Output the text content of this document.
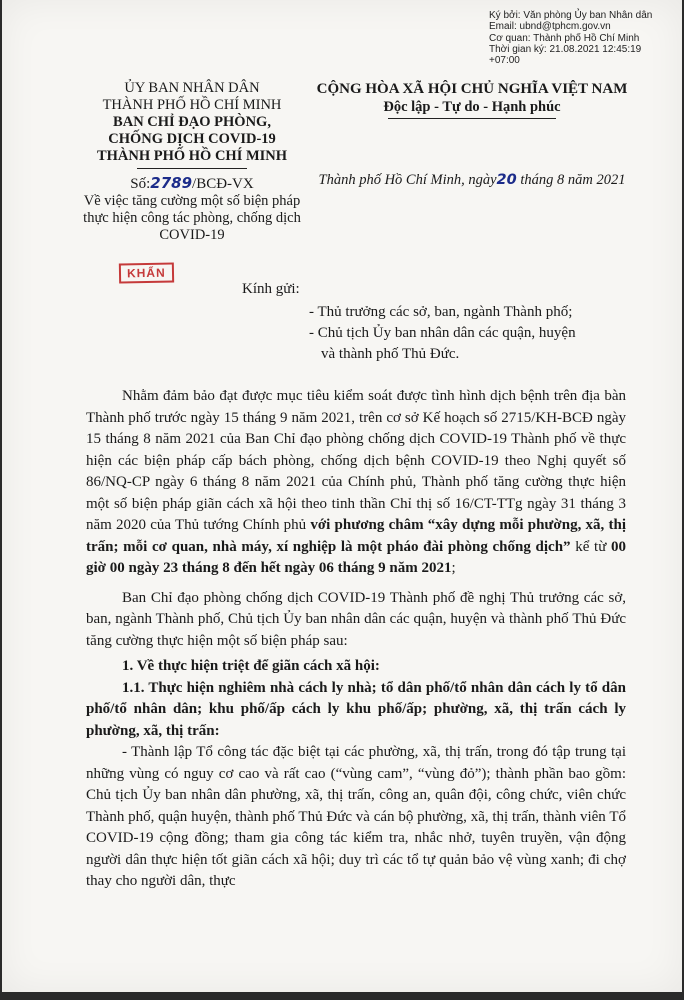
Ký bởi: Văn phòng Ủy ban Nhân dân
Email: ubnd@tphcm.gov.vn
Cơ quan: Thành phố Hồ Chí Minh
Thời gian ký: 21.08.2021 12:45:19
+07:00
ỦY BAN NHÂN DÂN
THÀNH PHỐ HỒ CHÍ MINH
BAN CHỈ ĐẠO PHÒNG,
CHỐNG DỊCH COVID-19
THÀNH PHỐ HỒ CHÍ MINH
Số:2789/BCĐ-VX
Về việc tăng cường một số biện pháp
thực hiện công tác phòng, chống dịch
COVID-19
CỘNG HÒA XÃ HỘI CHỦ NGHĨA VIỆT NAM
Độc lập - Tự do - Hạnh phúc
Thành phố Hồ Chí Minh, ngày20 tháng 8 năm 2021
KHẨN
Kính gửi:
- Thủ trưởng các sở, ban, ngành Thành phố;
- Chủ tịch Ủy ban nhân dân các quận, huyện
và thành phố Thủ Đức.

Nhằm đảm bảo đạt được mục tiêu kiểm soát được tình hình dịch bệnh trên địa bàn Thành phố trước ngày 15 tháng 9 năm 2021, trên cơ sở Kế hoạch số 2715/KH-BCĐ ngày 15 tháng 8 năm 2021 của Ban Chỉ đạo phòng chống dịch COVID-19 Thành phố về thực hiện các biện pháp cấp bách phòng, chống dịch bệnh COVID-19 theo Nghị quyết số 86/NQ-CP ngày 6 tháng 8 năm 2021 của Chính phủ, Thành phố tăng cường thực hiện một số biện pháp giãn cách xã hội theo tinh thần Chỉ thị số 16/CT-TTg ngày 31 tháng 3 năm 2020 của Thủ tướng Chính phủ với phương châm “xây dựng mỗi phường, xã, thị trấn; mỗi cơ quan, nhà máy, xí nghiệp là một pháo đài phòng chống dịch” kể từ 00 giờ 00 ngày 23 tháng 8 đến hết ngày 06 tháng 9 năm 2021;

Ban Chỉ đạo phòng chống dịch COVID-19 Thành phố đề nghị Thủ trưởng các sở, ban, ngành Thành phố, Chủ tịch Ủy ban nhân dân các quận, huyện và thành phố Thủ Đức tăng cường thực hiện một số biện pháp sau:

1. Về thực hiện triệt để giãn cách xã hội:

1.1. Thực hiện nghiêm nhà cách ly nhà; tổ dân phố/tổ nhân dân cách ly tổ dân phố/tổ nhân dân; khu phố/ấp cách ly khu phố/ấp; phường, xã, thị trấn cách ly phường, xã, thị trấn:

- Thành lập Tổ công tác đặc biệt tại các phường, xã, thị trấn, trong đó tập trung tại những vùng có nguy cơ cao và rất cao (“vùng cam”, “vùng đỏ”); thành phần bao gồm: Chủ tịch Ủy ban nhân dân phường, xã, thị trấn, công an, quân đội, công chức, viên chức Thành phố, quận huyện, thành phố Thủ Đức và cán bộ phường, xã, thị trấn, thành viên Tổ COVID-19 cộng đồng; tham gia công tác kiểm tra, nhắc nhở, tuyên truyền, vận động người dân thực hiện tốt giãn cách xã hội; duy trì các tổ tự quản bảo vệ vùng xanh; đi chợ thay cho người dân, thực
